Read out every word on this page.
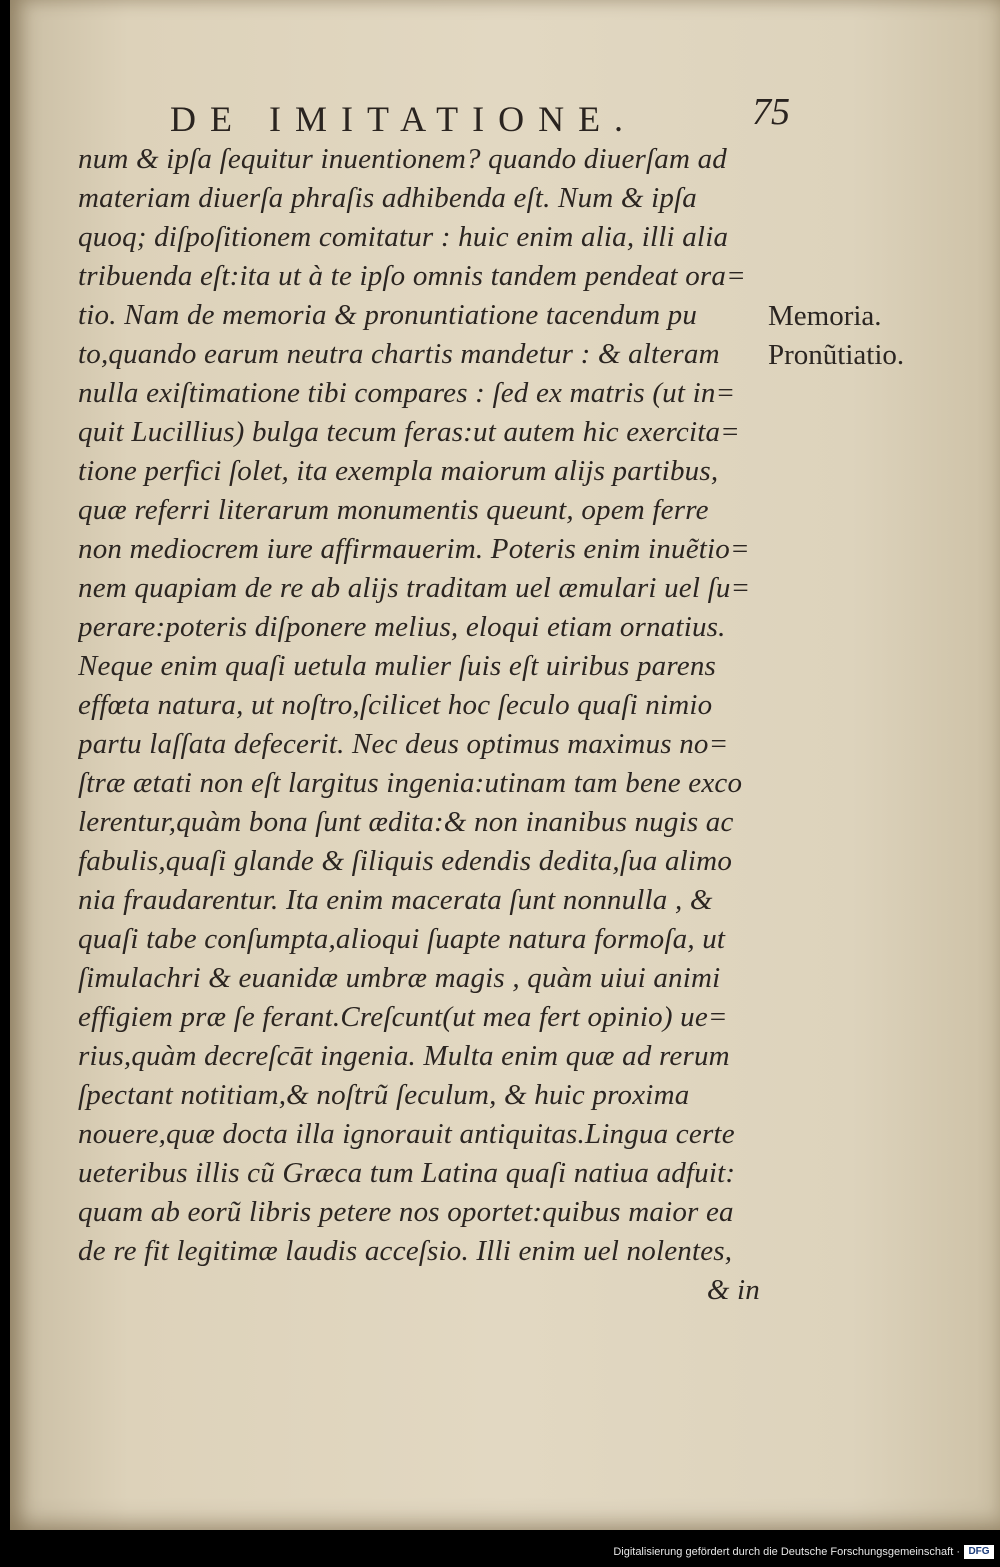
DE IMITATIONE.	75
num & ipſa ſequitur inuentionem? quando diuerſam ad
materiam diuerſa phraſis adhibenda eſt. Num & ipſa
quoq; diſpoſitionem comitatur : huic enim alia, illi alia
tribuenda eſt:ita ut à te ipſo omnis tandem pendeat ora=
tio. Nam de memoria & pronuntiatione tacendum pu
to,quando earum neutra chartis mandetur : & alteram
nulla exiſtimatione tibi compares : ſed ex matris (ut in=
quit Lucillius) bulga tecum feras:ut autem hic exercita=
tione perfici ſolet, ita exempla maiorum alijs partibus,
quæ referri literarum monumentis queunt, opem ferre
non mediocrem iure affirmauerim. Poteris enim inuẽtio=
nem quapiam de re ab alijs traditam uel æmulari uel ſu=
perare:poteris diſponere melius, eloqui etiam ornatius.
Neque enim quaſi uetula mulier ſuis eſt uiribus parens
effœta natura, ut noſtro,ſcilicet hoc ſeculo quaſi nimio
partu laſſata defecerit. Nec deus optimus maximus no=
ſtræ ætati non eſt largitus ingenia:utinam tam bene exco
lerentur,quàm bona ſunt ædita:& non inanibus nugis ac
fabulis,quaſi glande & ſiliquis edendis dedita,ſua alimo
nia fraudarentur. Ita enim macerata ſunt nonnulla , &
quaſi tabe conſumpta,alioqui ſuapte natura formoſa, ut
ſimulachri & euanidæ umbræ magis , quàm uiui animi
effigiem præ ſe ferant.Creſcunt(ut mea fert opinio) ue=
rius,quàm decreſcāt ingenia. Multa enim quæ ad rerum
ſpectant notitiam,& noſtrũ ſeculum, & huic proxima
nouere,quæ docta illa ignorauit antiquitas.Lingua certe
ueteribus illis cũ Græca tum Latina quaſi natiua adfuit:
quam ab eorũ libris petere nos oportet:quibus maior ea
de re fit legitimæ laudis acceſsio. Illi enim uel nolentes,
& in
Memoria.
Pronũtiatio.
Digitalisierung gefördert durch die Deutsche Forschungsgemeinschaft · DFG
